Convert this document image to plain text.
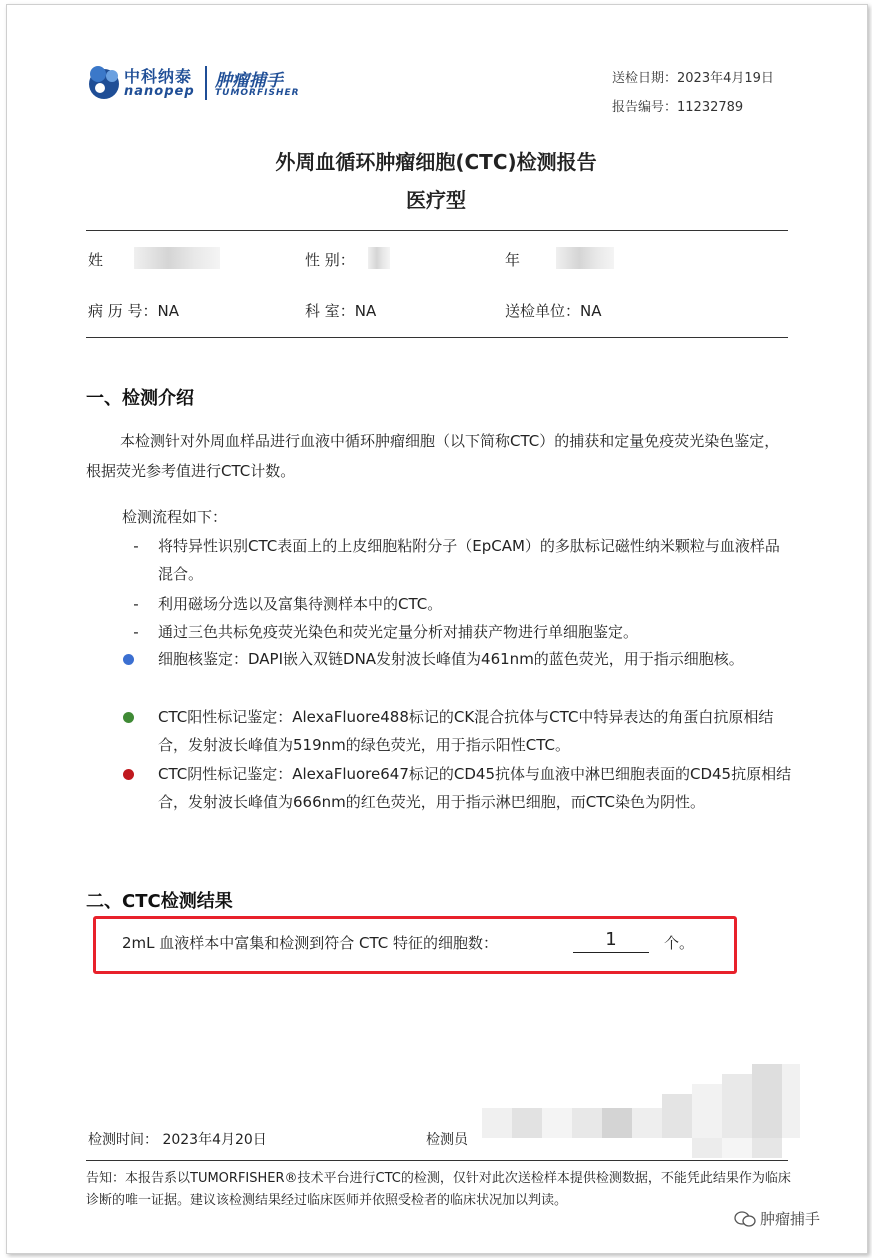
中科纳泰
nanopep
肿瘤捕手
TUMORFISHER
送检日期：2023年4月19日
报告编号：11232789
外周血循环肿瘤细胞(CTC)检测报告
医疗型
姓	性 别：	年
病 历 号：NA	科 室：NA	送检单位：NA
一、检测介绍
本检测针对外周血样品进行血液中循环肿瘤细胞（以下简称CTC）的捕获和定量免疫荧光染色鉴定，根据荧光参考值进行CTC计数。
检测流程如下：
-	将特异性识别CTC表面上的上皮细胞粘附分子（EpCAM）的多肽标记磁性纳米颗粒与血液样品混合。
-	利用磁场分选以及富集待测样本中的CTC。
-	通过三色共标免疫荧光染色和荧光定量分析对捕获产物进行单细胞鉴定。
细胞核鉴定：DAPI嵌入双链DNA发射波长峰值为461nm的蓝色荧光，用于指示细胞核。
CTC阳性标记鉴定：AlexaFluore488标记的CK混合抗体与CTC中特异表达的角蛋白抗原相结合，发射波长峰值为519nm的绿色荧光，用于指示阳性CTC。
CTC阴性标记鉴定：AlexaFluore647标记的CD45抗体与血液中淋巴细胞表面的CD45抗原相结合，发射波长峰值为666nm的红色荧光，用于指示淋巴细胞，而CTC染色为阴性。
二、CTC检测结果
2mL 血液样本中富集和检测到符合 CTC 特征的细胞数：	1	个。
检测时间： 2023年4月20日	检测员
告知：本报告系以TUMORFISHER®技术平台进行CTC的检测，仅针对此次送检样本提供检测数据，不能凭此结果作为临床诊断的唯一证据。建议该检测结果经过临床医师并依照受检者的临床状况加以判读。
肿瘤捕手
